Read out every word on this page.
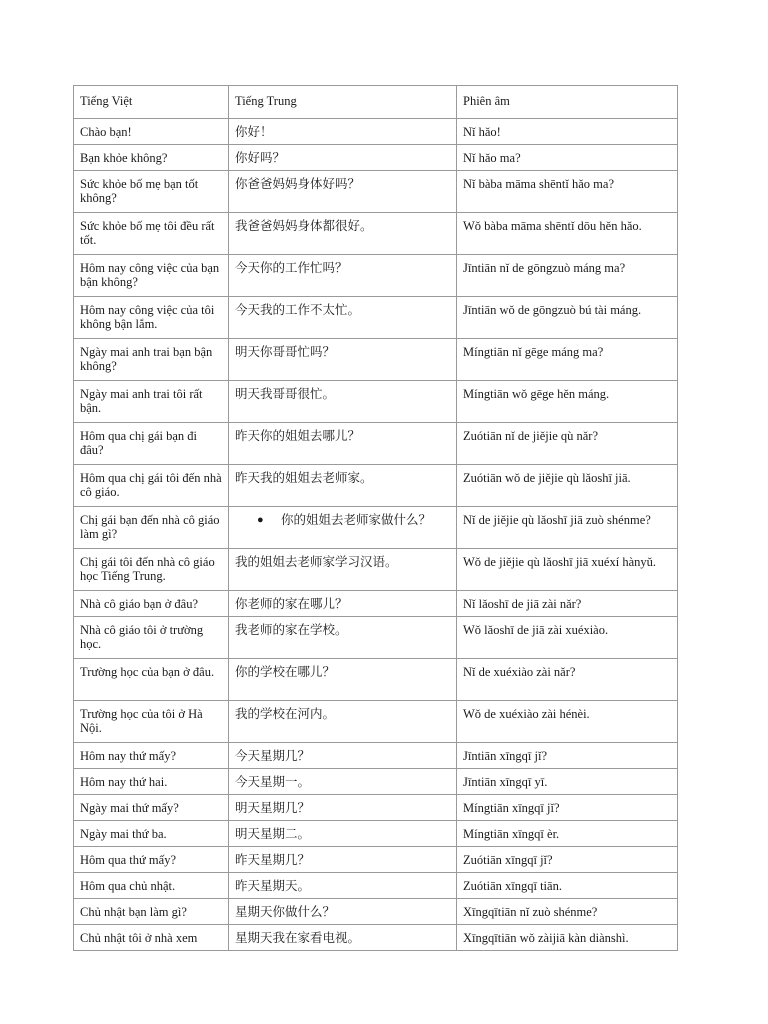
Tiếng Việt	Tiếng Trung	Phiên âm
Chào bạn!	你好！	Nǐ hǎo!
Bạn khỏe không?	你好吗？	Nǐ hǎo ma?
Sức khỏe bố mẹ bạn tốt không?	你爸爸妈妈身体好吗？	Nǐ bàba māma shēntǐ hǎo ma?
Sức khỏe bố mẹ tôi đều rất tốt.	我爸爸妈妈身体都很好。	Wǒ bàba māma shēntǐ dōu hěn hǎo.
Hôm nay công việc của bạn bận không?	今天你的工作忙吗？	Jīntiān nǐ de gōngzuò máng ma?
Hôm nay công việc của tôi không bận lắm.	今天我的工作不太忙。	Jīntiān wǒ de gōngzuò bú tài máng.
Ngày mai anh trai bạn bận không?	明天你哥哥忙吗？	Míngtiān nǐ gēge máng ma?
Ngày mai anh trai tôi rất bận.	明天我哥哥很忙。	Míngtiān wǒ gēge hěn máng.
Hôm qua chị gái bạn đi đâu?	昨天你的姐姐去哪儿？	Zuótiān nǐ de jiějie qù nǎr?
Hôm qua chị gái tôi đến nhà cô giáo.	昨天我的姐姐去老师家。	Zuótiān wǒ de jiějie qù lǎoshī jiā.
Chị gái bạn đến nhà cô giáo làm gì?	● 你的姐姐去老师家做什么？	Nǐ de jiějie qù lǎoshī jiā zuò shénme?
Chị gái tôi đến nhà cô giáo học Tiếng Trung.	我的姐姐去老师家学习汉语。	Wǒ de jiějie qù lǎoshī jiā xuéxí hànyǔ.
Nhà cô giáo bạn ở đâu?	你老师的家在哪儿？	Nǐ lǎoshī de jiā zài nǎr?
Nhà cô giáo tôi ở trường học.	我老师的家在学校。	Wǒ lǎoshī de jiā zài xuéxiào.
Trường học của bạn ở đâu.	你的学校在哪儿？	Nǐ de xuéxiào zài nǎr?
Trường học của tôi ở Hà Nội.	我的学校在河内。	Wǒ de xuéxiào zài hénèi.
Hôm nay thứ mấy?	今天星期几？	Jīntiān xīngqī jǐ?
Hôm nay thứ hai.	今天星期一。	Jīntiān xīngqī yī.
Ngày mai thứ mấy?	明天星期几？	Míngtiān xīngqī jǐ?
Ngày mai thứ ba.	明天星期二。	Míngtiān xīngqī èr.
Hôm qua thứ mấy?	昨天星期几？	Zuótiān xīngqī jǐ?
Hôm qua chủ nhật.	昨天星期天。	Zuótiān xīngqī tiān.
Chủ nhật bạn làm gì?	星期天你做什么？	Xīngqītiān nǐ zuò shénme?
Chủ nhật tôi ở nhà xem	星期天我在家看电视。	Xīngqītiān wǒ zàijiā kàn diànshì.
